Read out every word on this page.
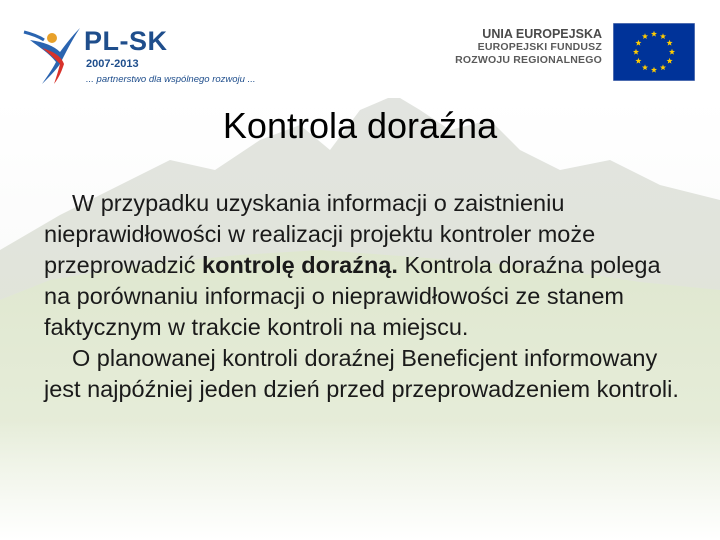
PL-SK
2007-2013
... partnerstwo dla wspólnego rozwoju ...
UNIA EUROPEJSKA
EUROPEJSKI FUNDUSZ
ROZWOJU REGIONALNEGO
Kontrola doraźna

W przypadku uzyskania informacji o zaistnieniu nieprawidłowości w realizacji projektu kontroler może przeprowadzić kontrolę doraźną. Kontrola doraźna polega na porównaniu informacji o nieprawidłowości ze stanem faktycznym w trakcie kontroli na miejscu.

O planowanej kontroli doraźnej Beneficjent informowany jest najpóźniej jeden dzień przed przeprowadzeniem kontroli.
